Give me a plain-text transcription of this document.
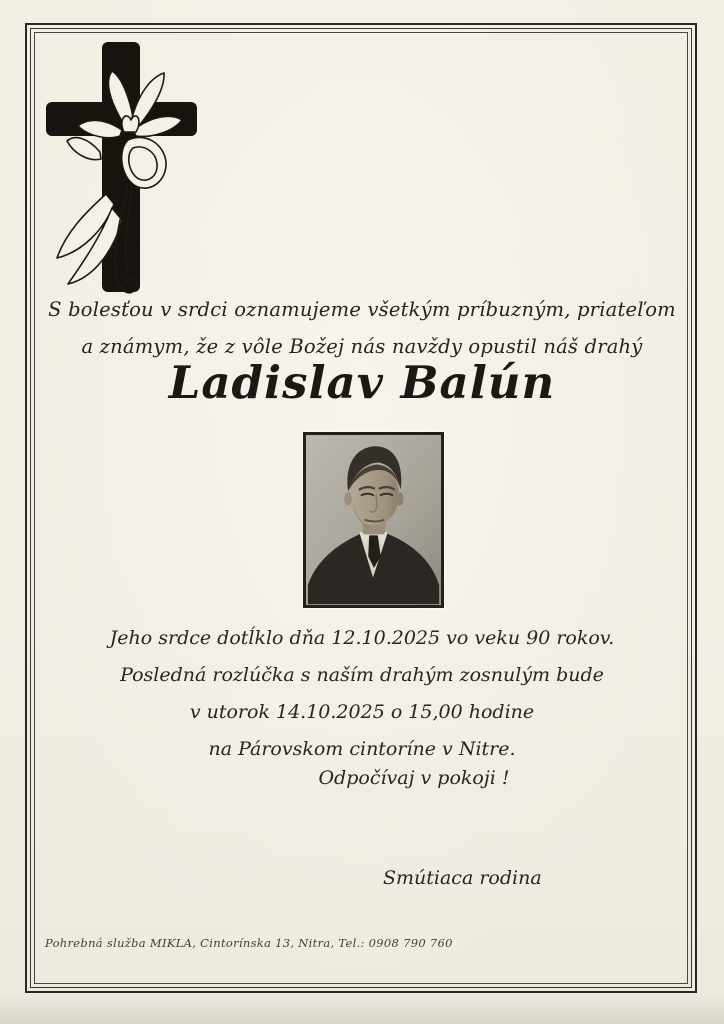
S bolesťou v srdci oznamujeme všetkým príbuzným, priateľom
a známym, že z vôle Božej nás navždy opustil náš drahý
Ladislav Balún
Jeho srdce dotĺklo dňa 12.10.2025 vo veku 90 rokov.
Posledná rozlúčka s naším drahým zosnulým bude
v utorok 14.10.2025 o 15,00 hodine
na Párovskom cintoríne v Nitre.
Odpočívaj v pokoji !
Smútiaca rodina
Pohrebná služba MIKLA, Cintorínska 13, Nitra, Tel.: 0908 790 760
